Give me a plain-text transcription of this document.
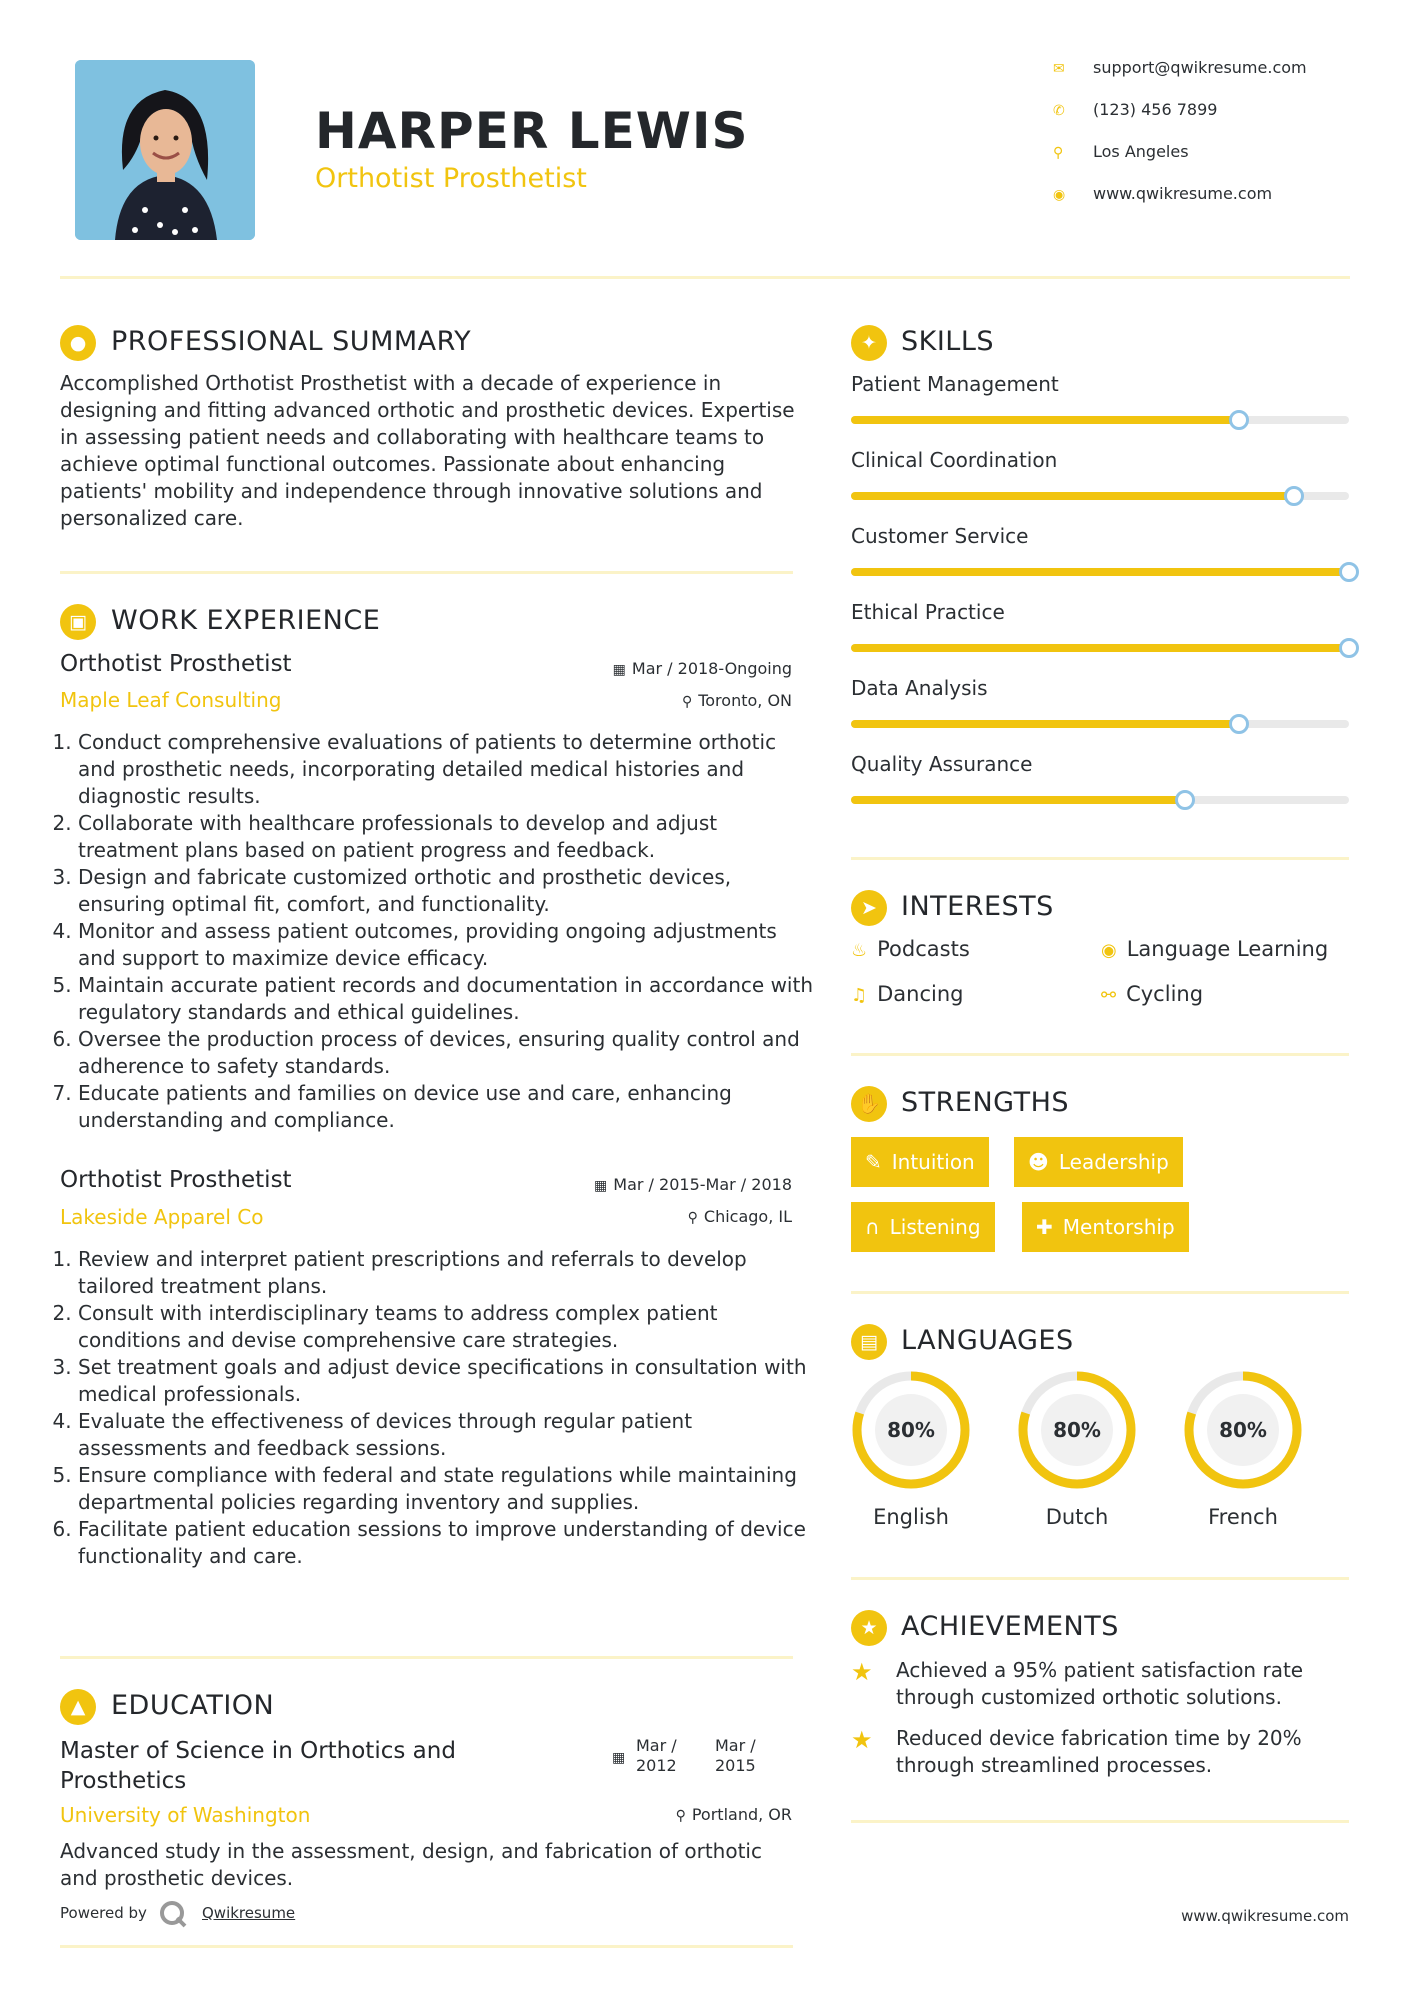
HARPER LEWIS
Orthotist Prosthetist
✉ support@qwikresume.com
✆ (123) 456 7899
⚲ Los Angeles
◉ www.qwikresume.com
● PROFESSIONAL SUMMARY
Accomplished Orthotist Prosthetist with a decade of experience in designing and fitting advanced orthotic and prosthetic devices. Expertise in assessing patient needs and collaborating with healthcare teams to achieve optimal functional outcomes. Passionate about enhancing patients' mobility and independence through innovative solutions and personalized care.
▣ WORK EXPERIENCE
Orthotist Prosthetist	▦ Mar / 2018-Ongoing
Maple Leaf Consulting	⚲ Toronto, ON
1. Conduct comprehensive evaluations of patients to determine orthotic and prosthetic needs, incorporating detailed medical histories and diagnostic results.
2. Collaborate with healthcare professionals to develop and adjust treatment plans based on patient progress and feedback.
3. Design and fabricate customized orthotic and prosthetic devices, ensuring optimal fit, comfort, and functionality.
4. Monitor and assess patient outcomes, providing ongoing adjustments and support to maximize device efficacy.
5. Maintain accurate patient records and documentation in accordance with regulatory standards and ethical guidelines.
6. Oversee the production process of devices, ensuring quality control and adherence to safety standards.
7. Educate patients and families on device use and care, enhancing understanding and compliance.
Orthotist Prosthetist	▦ Mar / 2015-Mar / 2018
Lakeside Apparel Co	⚲ Chicago, IL
1. Review and interpret patient prescriptions and referrals to develop tailored treatment plans.
2. Consult with interdisciplinary teams to address complex patient conditions and devise comprehensive care strategies.
3. Set treatment goals and adjust device specifications in consultation with medical professionals.
4. Evaluate the effectiveness of devices through regular patient assessments and feedback sessions.
5. Ensure compliance with federal and state regulations while maintaining departmental policies regarding inventory and supplies.
6. Facilitate patient education sessions to improve understanding of device functionality and care.
▲ EDUCATION
Master of Science in Orthotics and Prosthetics
▦
Mar / 2012
Mar / 2015
University of Washington	⚲ Portland, OR
Advanced study in the assessment, design, and fabrication of orthotic and prosthetic devices.
Powered by	Qwikresume
✦ SKILLS
Patient Management
Clinical Coordination
Customer Service
Ethical Practice
Data Analysis
Quality Assurance
➤ INTERESTS
♨ Podcasts	◉ Language Learning
♫ Dancing	⚯ Cycling
✋ STRENGTHS
✎ Intuition	☻ Leadership
∩ Listening	✚ Mentorship
▤ LANGUAGES
80%
English
80%
Dutch
80%
French
★ ACHIEVEMENTS
★ Achieved a 95% patient satisfaction rate through customized orthotic solutions.
★ Reduced device fabrication time by 20% through streamlined processes.
www.qwikresume.com
